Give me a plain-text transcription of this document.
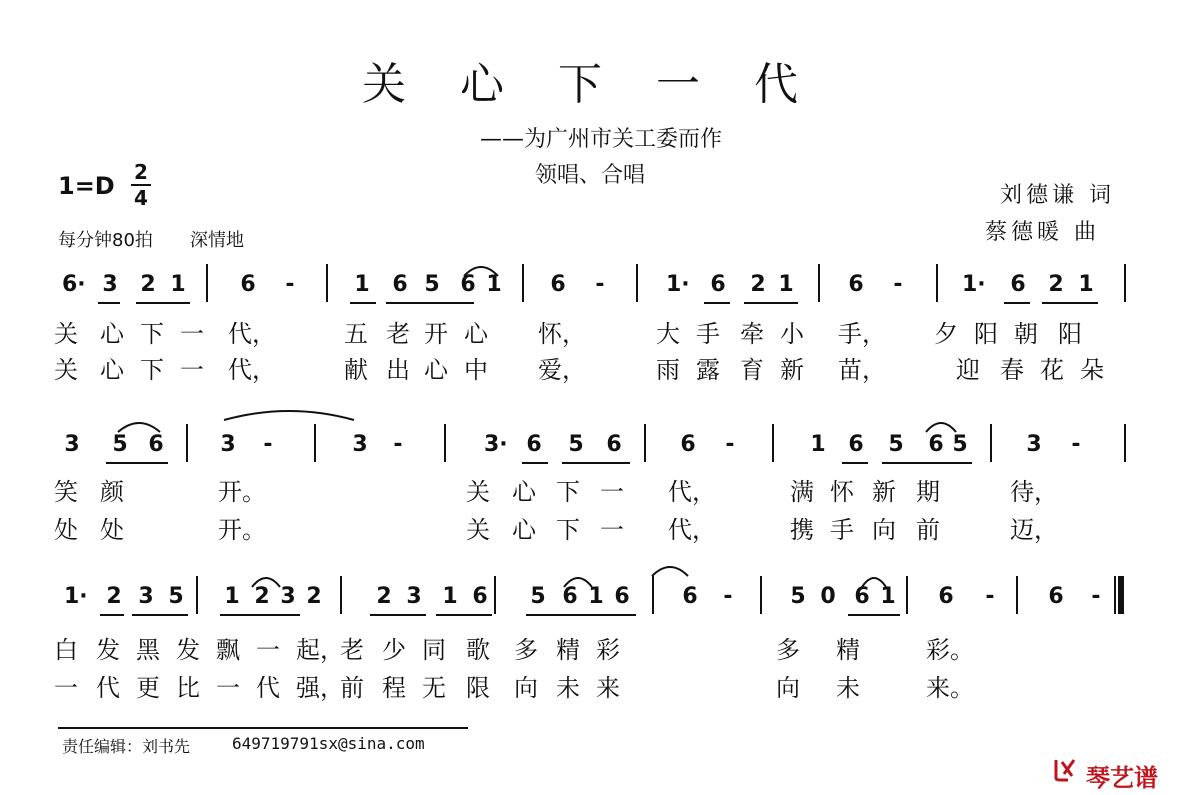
关 心 下 一 代
——为广州市关工委而作
领唱、合唱
1=D 2
4	刘德谦 词
蔡德暖 曲
每分钟80拍 深情地
6· 3 2 1 6 -	1 6 5 6 1 6 -	1· 6 2 1 6 -	1· 6 2 1
关 心 下 一 代，	五 老 开 心 怀，	大 手 牵 小 手， 夕 阳 朝 阳
关 心 下 一 代，	献 出 心 中 爱，	雨 露 育 新 苗，	迎 春 花 朵
3 5 6	3 -	3 -	3· 6 5 6	6 -	1 6 5 6 5	3 -
笑 颜	开。	关 心 下 一 代，	满 怀 新 期	待，
处 处	开。	关 心 下 一 代，	携 手 向 前	迈，
1· 2 3 5 1 2 3 2 2 3 1 6 5 6 1 6 6 -	5 0 6 1 6 - 6 -
白 发 黑 发 飘 一 起，
老 少 同 歌 多 精 彩	多 精	彩。
一 代 更 比 一 代 强，
前 程 无 限 向 未 来	向 未	来。
责任编辑：刘书先	649719791sx@sina.com
琴艺谱
